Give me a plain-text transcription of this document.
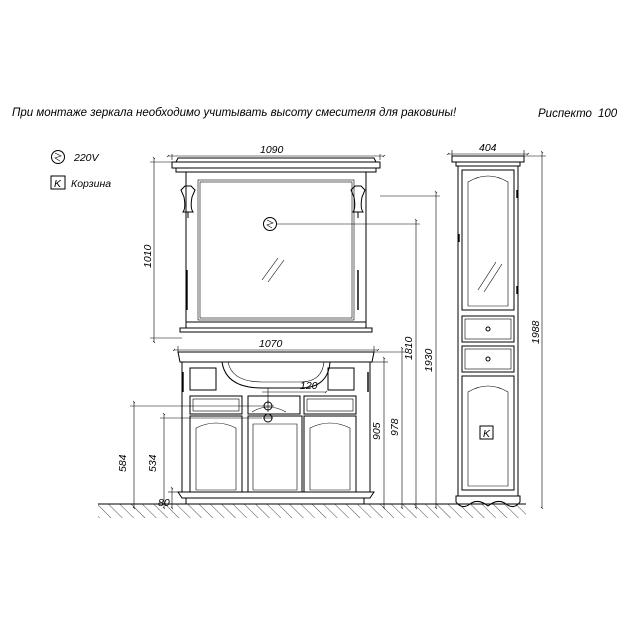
При монтаже зеркала необходимо учитывать высоту смесителя для раковины!	Риспекто 100
220V
K Корзина
K
1090
1010
1070
120
584 534
80
905 978
1930
1810
404
1988
